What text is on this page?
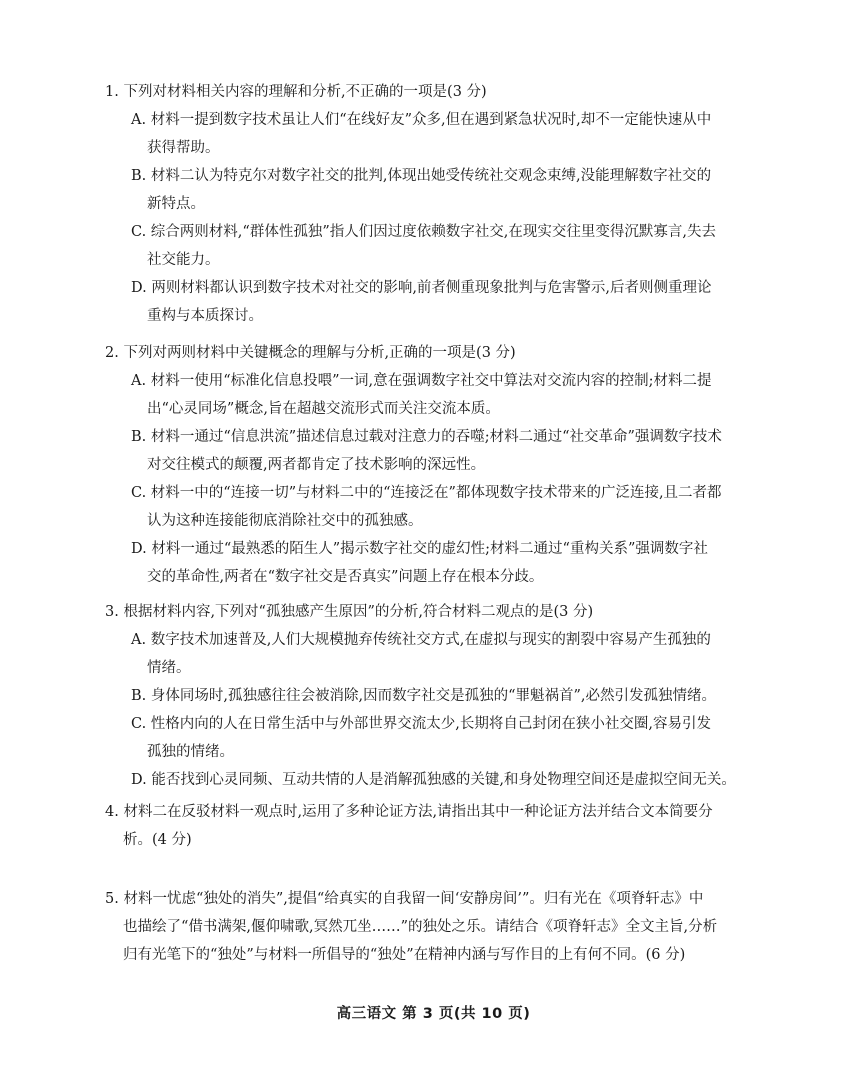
1. 下列对材料相关内容的理解和分析,不正确的一项是(3 分)
A. 材料一提到数字技术虽让人们“在线好友”众多,但在遇到紧急状况时,却不一定能快速从中
获得帮助。
B. 材料二认为特克尔对数字社交的批判,体现出她受传统社交观念束缚,没能理解数字社交的
新特点。
C. 综合两则材料,“群体性孤独”指人们因过度依赖数字社交,在现实交往里变得沉默寡言,失去
社交能力。
D. 两则材料都认识到数字技术对社交的影响,前者侧重现象批判与危害警示,后者则侧重理论
重构与本质探讨。
2. 下列对两则材料中关键概念的理解与分析,正确的一项是(3 分)
A. 材料一使用“标准化信息投喂”一词,意在强调数字社交中算法对交流内容的控制;材料二提
出“心灵同场”概念,旨在超越交流形式而关注交流本质。
B. 材料一通过“信息洪流”描述信息过载对注意力的吞噬;材料二通过“社交革命”强调数字技术
对交往模式的颠覆,两者都肯定了技术影响的深远性。
C. 材料一中的“连接一切”与材料二中的“连接泛在”都体现数字技术带来的广泛连接,且二者都
认为这种连接能彻底消除社交中的孤独感。
D. 材料一通过“最熟悉的陌生人”揭示数字社交的虚幻性;材料二通过“重构关系”强调数字社
交的革命性,两者在“数字社交是否真实”问题上存在根本分歧。
3. 根据材料内容,下列对“孤独感产生原因”的分析,符合材料二观点的是(3 分)
A. 数字技术加速普及,人们大规模抛弃传统社交方式,在虚拟与现实的割裂中容易产生孤独的
情绪。
B. 身体同场时,孤独感往往会被消除,因而数字社交是孤独的“罪魁祸首”,必然引发孤独情绪。
C. 性格内向的人在日常生活中与外部世界交流太少,长期将自己封闭在狭小社交圈,容易引发
孤独的情绪。
D. 能否找到心灵同频、互动共情的人是消解孤独感的关键,和身处物理空间还是虚拟空间无关。
4. 材料二在反驳材料一观点时,运用了多种论证方法,请指出其中一种论证方法并结合文本简要分
析。(4 分)
5. 材料一忧虑“独处的消失”,提倡“给真实的自我留一间‘安静房间’”。归有光在《项脊轩志》中
也描绘了“借书满架,偃仰啸歌,冥然兀坐……”的独处之乐。请结合《项脊轩志》全文主旨,分析
归有光笔下的“独处”与材料一所倡导的“独处”在精神内涵与写作目的上有何不同。(6 分)
高三语文 第 3 页(共 10 页)
